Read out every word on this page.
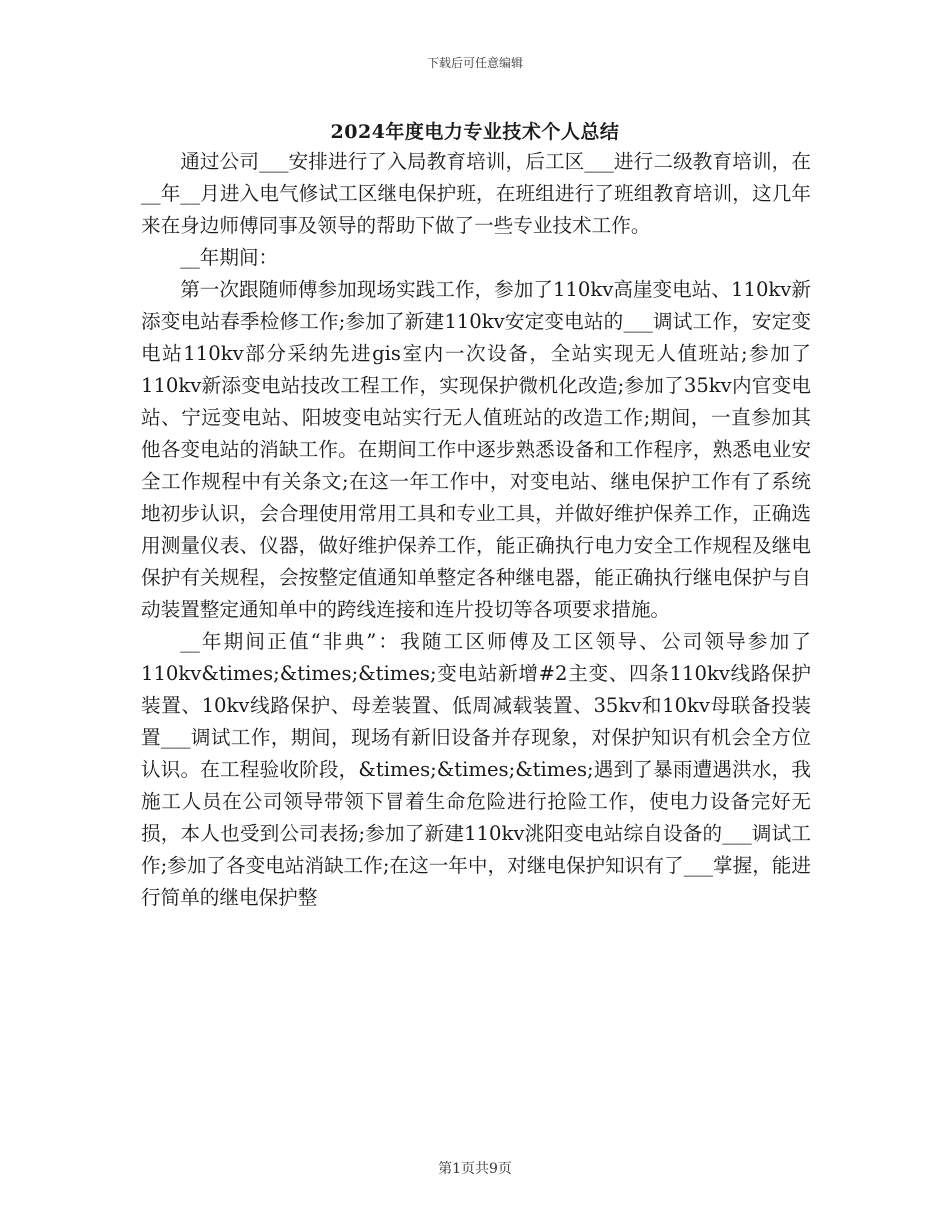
下载后可任意编辑
2024年度电力专业技术个人总结

通过公司___安排进行了入局教育培训，后工区___进行二级教育培训，在__年__月进入电气修试工区继电保护班，在班组进行了班组教育培训，这几年来在身边师傅同事及领导的帮助下做了一些专业技术工作。

__年期间：

第一次跟随师傅参加现场实践工作，参加了110kv高崖变电站、110kv新添变电站春季检修工作;参加了新建110kv安定变电站的___调试工作，安定变电站110kv部分采纳先进gis室内一次设备，全站实现无人值班站;参加了110kv新添变电站技改工程工作，实现保护微机化改造;参加了35kv内官变电站、宁远变电站、阳坡变电站实行无人值班站的改造工作;期间，一直参加其他各变电站的消缺工作。在期间工作中逐步熟悉设备和工作程序，熟悉电业安全工作规程中有关条文;在这一年工作中，对变电站、继电保护工作有了系统地初步认识，会合理使用常用工具和专业工具，并做好维护保养工作，正确选用测量仪表、仪器，做好维护保养工作，能正确执行电力安全工作规程及继电保护有关规程，会按整定值通知单整定各种继电器，能正确执行继电保护与自动装置整定通知单中的跨线连接和连片投切等各项要求措施。

__年期间正值“非典”：我随工区师傅及工区领导、公司领导参加了110kv&times;&times;&times;变电站新增#2主变、四条110kv线路保护装置、10kv线路保护、母差装置、低周减载装置、35kv和10kv母联备投装置___调试工作，期间，现场有新旧设备并存现象，对保护知识有机会全方位认识。在工程验收阶段，&times;&times;&times;遇到了暴雨遭遇洪水，我施工人员在公司领导带领下冒着生命危险进行抢险工作，使电力设备完好无损，本人也受到公司表扬;参加了新建110kv洮阳变电站综自设备的___调试工作;参加了各变电站消缺工作;在这一年中，对继电保护知识有了___掌握，能进行简单的继电保护整

第1页共9页
